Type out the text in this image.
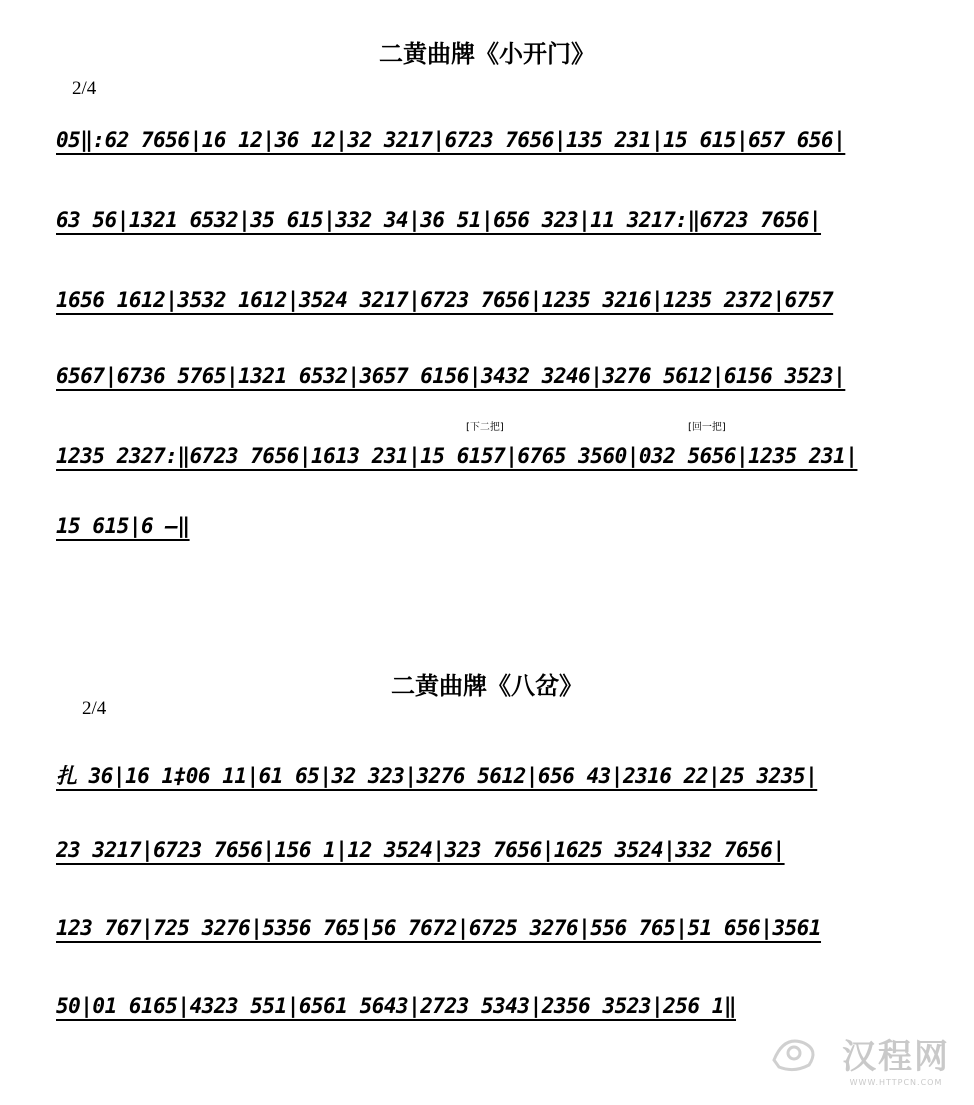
二黄曲牌《小开门》
2/4
05‖:62 7656|16 12|36 12|32 3217|6723 7656|135 231|15 615|657 656|
63 56|1321 6532|35 615|332 34|36 51|656 323|11 3217:‖6723 7656|
1656 1612|3532 1612|3524 3217|6723 7656|1235 3216|1235 2372|6757
6567|6736 5765|1321 6532|3657 6156|3432 3246|3276 5612|6156 3523|
[下二把]	[回一把]
1235 2327:‖6723 7656|1613 231|15 6157|6765 3560|032 5656|1235 231|
15 615|6 —‖
二黄曲牌《八岔》
2/4
扎 36|16 1‡06 11|61 65|32 323|3276 5612|656 43|2316 22|25 3235|
23 3217|6723 7656|156 1|12 3524|323 7656|1625 3524|332 7656|
123 767|725 3276|5356 765|56 7672|6725 3276|556 765|51 656|3561
50|01 6165|4323 551|6561 5643|2723 5343|2356 3523|256 1‖
汉程网
WWW.HTTPCN.COM
